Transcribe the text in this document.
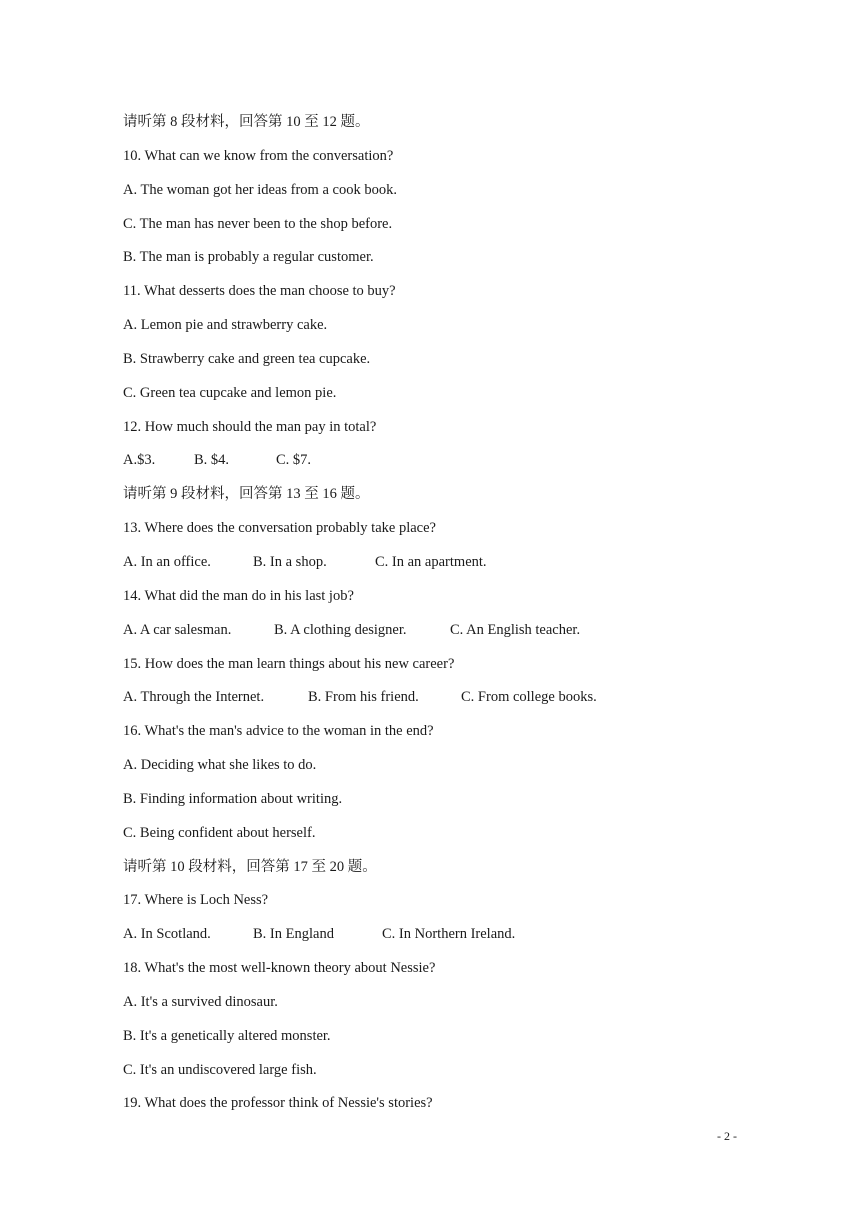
请听第 8 段材料，回答第 10 至 12 题。
10. What can we know from the conversation?
A. The woman got her ideas from a cook book.
C. The man has never been to the shop before.
B. The man is probably a regular customer.
11. What desserts does the man choose to buy?
A. Lemon pie and strawberry cake.
B. Strawberry cake and green tea cupcake.
C. Green tea cupcake and lemon pie.
12. How much should the man pay in total?
A.$3.	B. $4.	C. $7.
请听第 9 段材料，回答第 13 至 16 题。
13. Where does the conversation probably take place?
A. In an office.	B. In a shop.	C. In an apartment.
14. What did the man do in his last job?
A. A car salesman.	B. A clothing designer.	C. An English teacher.
15. How does the man learn things about his new career?
A. Through the Internet.	B. From his friend.	C. From college books.
16. What's the man's advice to the woman in the end?
A. Deciding what she likes to do.
B. Finding information about writing.
C. Being confident about herself.
请听第 10 段材料，回答第 17 至 20 题。
17. Where is Loch Ness?
A. In Scotland.	B. In England	C. In Northern Ireland.
18. What's the most well-known theory about Nessie?
A. It's a survived dinosaur.
B. It's a genetically altered monster.
C. It's an undiscovered large fish.
19. What does the professor think of Nessie's stories?
- 2 -
